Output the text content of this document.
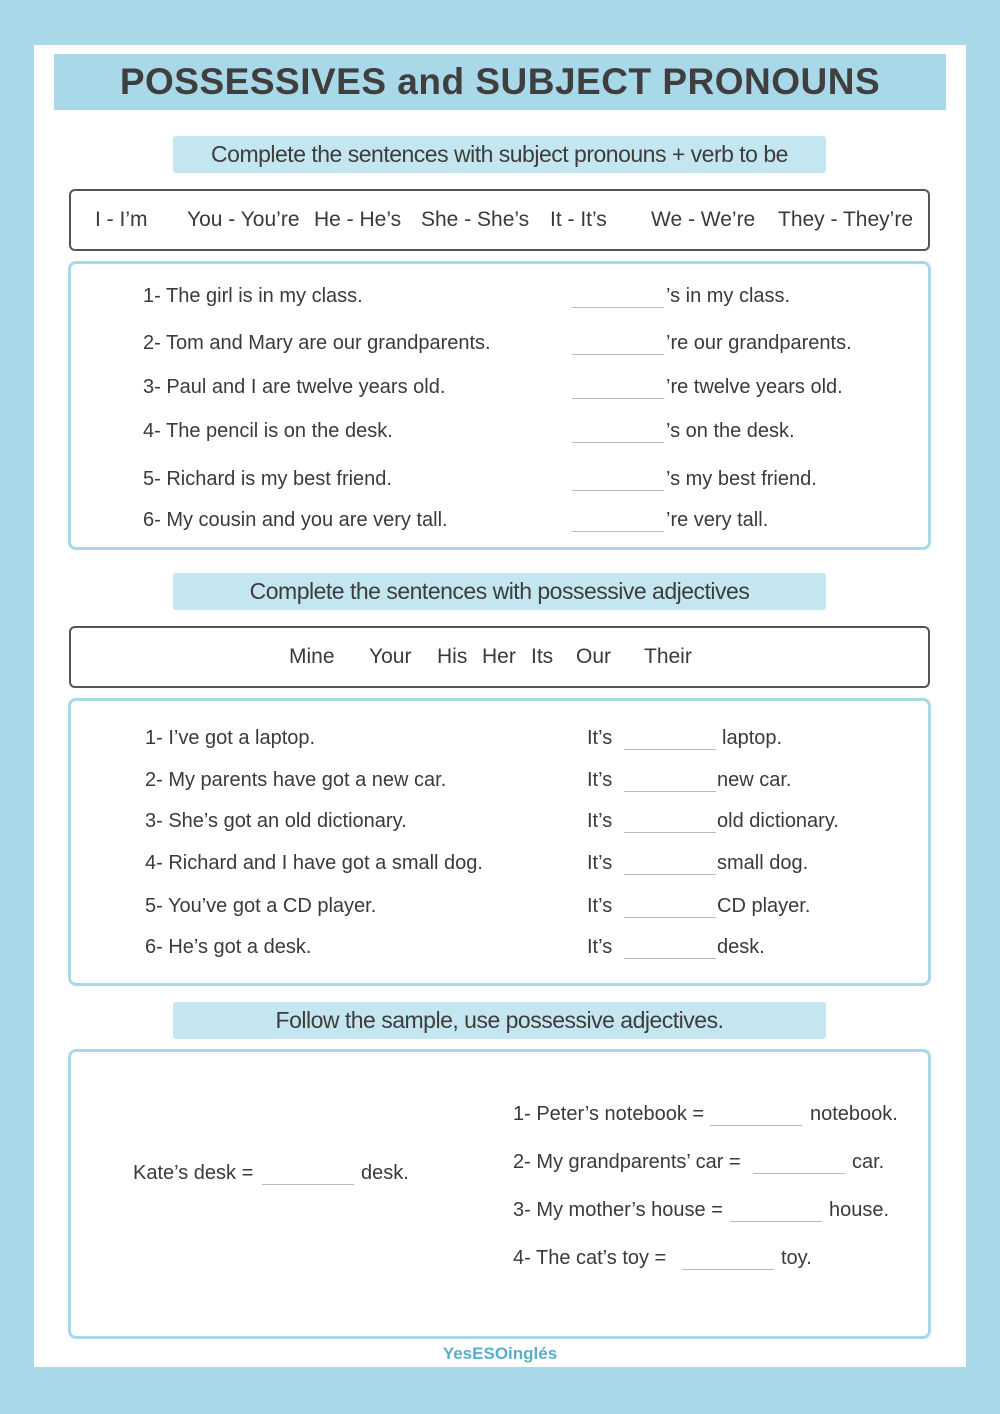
POSSESSIVES and SUBJECT PRONOUNS
Complete the sentences with subject pronouns + verb to be
I - I’m You - You’re He - He’s She - She’s It - It’s We - We’re They - They’re
1- The girl is in my class.	’s in my class.
2- Tom and Mary are our grandparents.	’re our grandparents.
3- Paul and I are twelve years old.	’re twelve years old.
4- The pencil is on the desk.	’s on the desk.
5- Richard is my best friend.	’s my best friend.
6- My cousin and you are very tall.	’re very tall.
Complete the sentences with possessive adjectives
Mine Your His Her Its Our Their
1- I’ve got a laptop.	It’s	laptop.
2- My parents have got a new car.	It’s	new car.
3- She’s got an old dictionary.	It’s	old dictionary.
4- Richard and I have got a small dog.	It’s	small dog.
5- You’ve got a CD player.	It’s	CD player.
6- He’s got a desk.	It’s	desk.
Follow the sample, use possessive adjectives.
Kate’s desk =	desk.
1- Peter’s notebook =	notebook.
2- My grandparents’ car =	car.
3- My mother’s house =	house.
4- The cat’s toy =	toy.
YesESOinglés
